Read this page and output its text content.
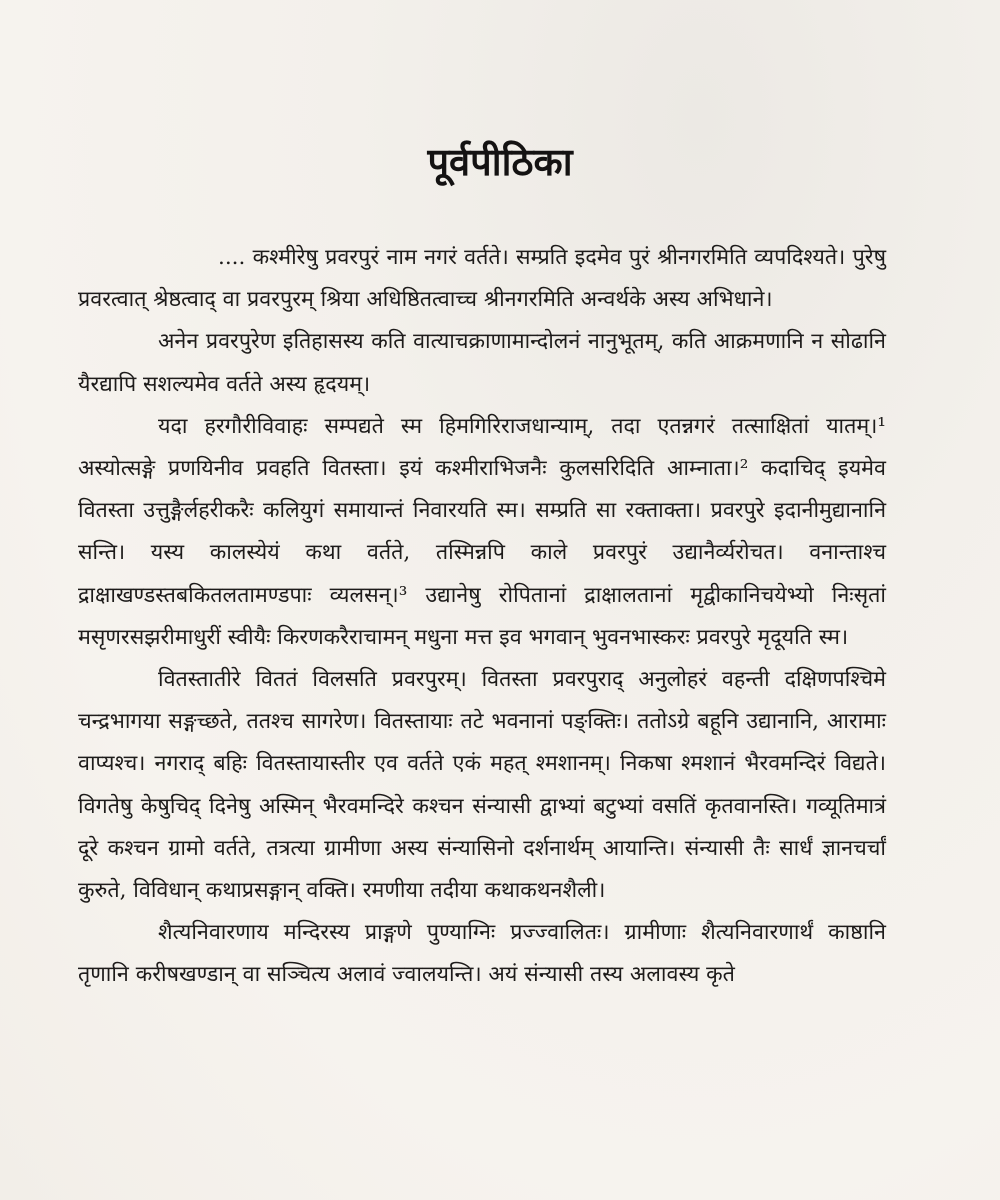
पूर्वपीठिका

.... कश्मीरेषु प्रवरपुरं नाम नगरं वर्तते। सम्प्रति इदमेव पुरं श्रीनगरमिति व्यपदिश्यते। पुरेषु प्रवरत्वात् श्रेष्ठत्वाद् वा प्रवरपुरम् श्रिया अधिष्ठितत्वाच्च श्रीनगरमिति अन्वर्थके अस्य अभिधाने।

अनेन प्रवरपुरेण इतिहासस्य कति वात्याचक्राणामान्दोलनं नानुभूतम्, कति आक्रमणानि न सोढानि यैरद्यापि सशल्यमेव वर्तते अस्य हृदयम्।

यदा हरगौरीविवाहः सम्पद्यते स्म हिमगिरिराजधान्याम्, तदा एतन्नगरं तत्साक्षितां यातम्।¹ अस्योत्सङ्गे प्रणयिनीव प्रवहति वितस्ता। इयं कश्मीराभिजनैः कुलसरिदिति आम्नाता।² कदाचिद् इयमेव वितस्ता उत्तुङ्गैर्लहरीकरैः कलियुगं समायान्तं निवारयति स्म। सम्प्रति सा रक्ताक्ता। प्रवरपुरे इदानीमुद्यानानि सन्ति। यस्य कालस्येयं कथा वर्तते, तस्मिन्नपि काले प्रवरपुरं उद्यानैर्व्यरोचत। वनान्ताश्च द्राक्षाखण्डस्तबकितलतामण्डपाः व्यलसन्।³ उद्यानेषु रोपितानां द्राक्षालतानां मृद्वीकानिचयेभ्यो निःसृतां मसृणरसझरीमाधुरीं स्वीयैः किरणकरैराचामन् मधुना मत्त इव भगवान् भुवनभास्करः प्रवरपुरे मृदूयति स्म।

वितस्तातीरे विततं विलसति प्रवरपुरम्। वितस्ता प्रवरपुराद् अनुलोहरं वहन्ती दक्षिणपश्चिमे चन्द्रभागया सङ्गच्छते, ततश्च सागरेण। वितस्तायाः तटे भवनानां पङ्क्तिः। ततोऽग्रे बहूनि उद्यानानि, आरामाः वाप्यश्च। नगराद् बहिः वितस्तायास्तीर एव वर्तते एकं महत् श्मशानम्। निकषा श्मशानं भैरवमन्दिरं विद्यते। विगतेषु केषुचिद् दिनेषु अस्मिन् भैरवमन्दिरे कश्चन संन्यासी द्वाभ्यां बटुभ्यां वसतिं कृतवानस्ति। गव्यूतिमात्रं दूरे कश्चन ग्रामो वर्तते, तत्रत्या ग्रामीणा अस्य संन्यासिनो दर्शनार्थम् आयान्ति। संन्यासी तैः सार्धं ज्ञानचर्चां कुरुते, विविधान् कथाप्रसङ्गान् वक्ति। रमणीया तदीया कथाकथनशैली।

शैत्यनिवारणाय मन्दिरस्य प्राङ्गणे पुण्याग्निः प्रज्ज्वालितः। ग्रामीणाः शैत्यनिवारणार्थं काष्ठानि तृणानि करीषखण्डान् वा सञ्चित्य अलावं ज्वालयन्ति। अयं संन्यासी तस्य अलावस्य कृते
